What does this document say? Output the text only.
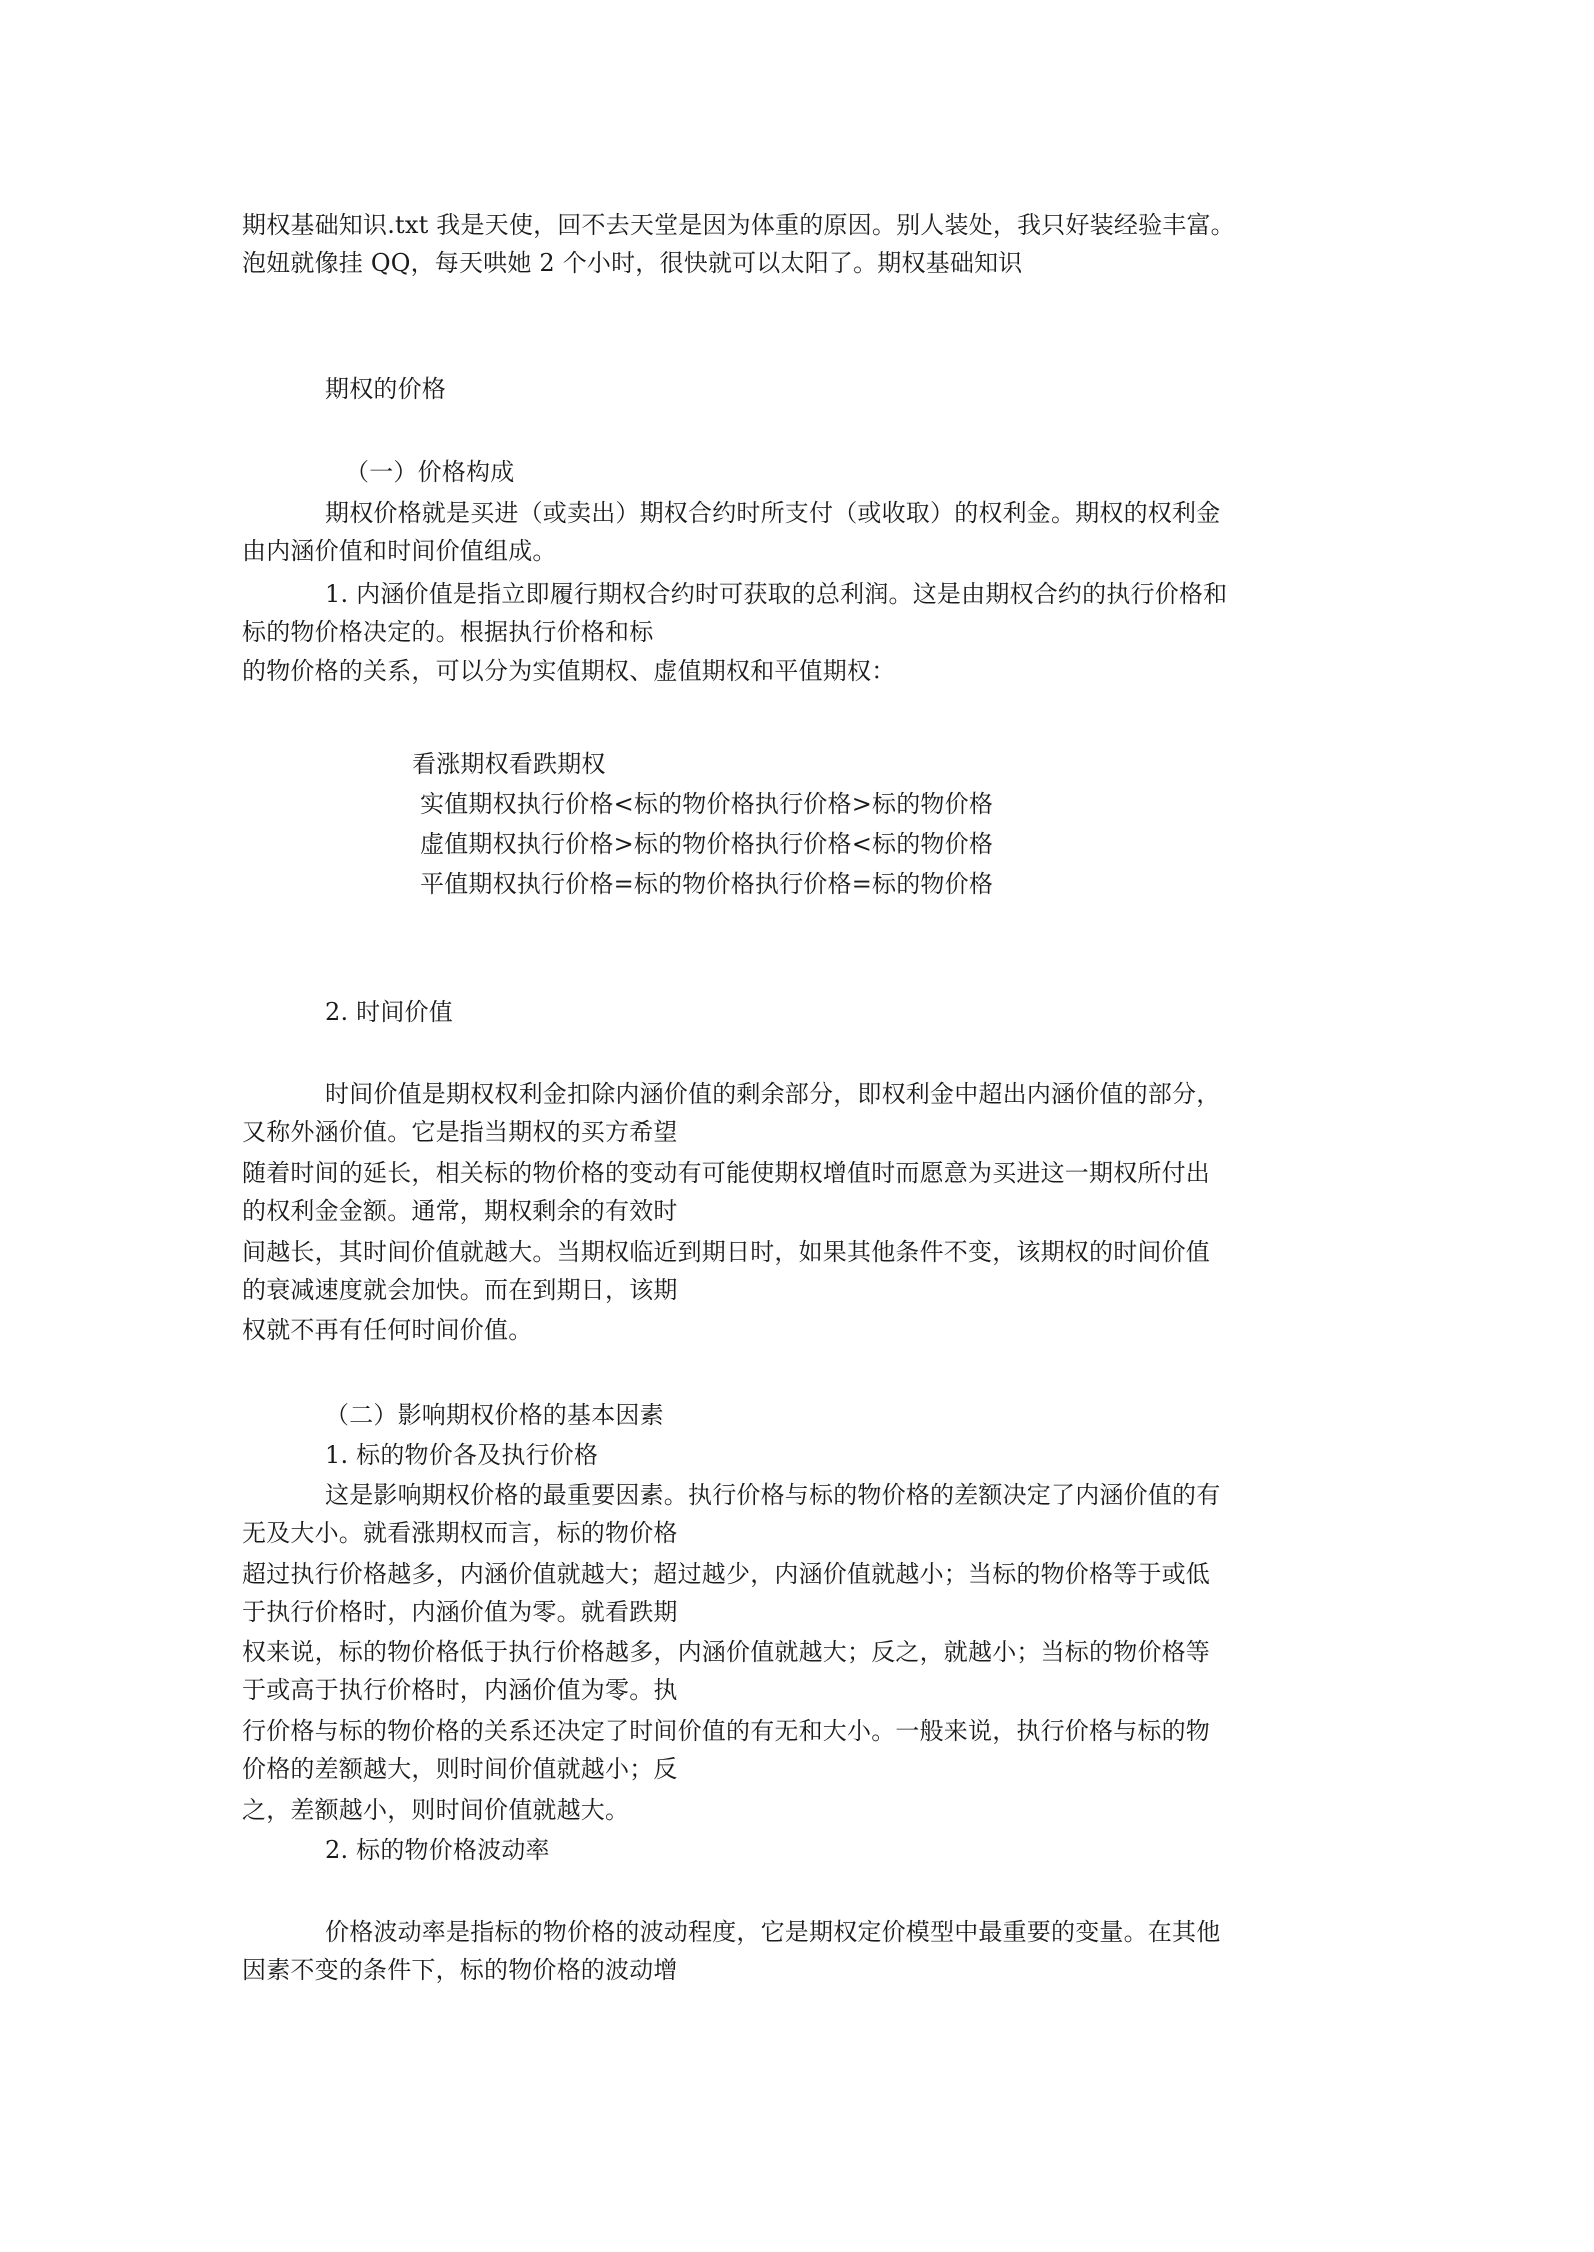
期权基础知识.txt 我是天使，回不去天堂是因为体重的原因。别人装处，我只好装经验丰富。
泡妞就像挂 QQ，每天哄她 2 个小时，很快就可以太阳了。期权基础知识
期权的价格
（一）价格构成
期权价格就是买进（或卖出）期权合约时所支付（或收取）的权利金。期权的权利金
由内涵价值和时间价值组成。
1. 内涵价值是指立即履行期权合约时可获取的总利润。这是由期权合约的执行价格和
标的物价格决定的。根据执行价格和标
的物价格的关系，可以分为实值期权、虚值期权和平值期权：
看涨期权看跌期权
实值期权执行价格<标的物价格执行价格>标的物价格
虚值期权执行价格>标的物价格执行价格<标的物价格
平值期权执行价格=标的物价格执行价格=标的物价格
2. 时间价值
时间价值是期权权利金扣除内涵价值的剩余部分，即权利金中超出内涵价值的部分，
又称外涵价值。它是指当期权的买方希望
随着时间的延长，相关标的物价格的变动有可能使期权增值时而愿意为买进这一期权所付出
的权利金金额。通常，期权剩余的有效时
间越长，其时间价值就越大。当期权临近到期日时，如果其他条件不变，该期权的时间价值
的衰减速度就会加快。而在到期日，该期
权就不再有任何时间价值。
（二）影响期权价格的基本因素
1. 标的物价各及执行价格
这是影响期权价格的最重要因素。执行价格与标的物价格的差额决定了内涵价值的有
无及大小。就看涨期权而言，标的物价格
超过执行价格越多，内涵价值就越大；超过越少，内涵价值就越小；当标的物价格等于或低
于执行价格时，内涵价值为零。就看跌期
权来说，标的物价格低于执行价格越多，内涵价值就越大；反之，就越小；当标的物价格等
于或高于执行价格时，内涵价值为零。执
行价格与标的物价格的关系还决定了时间价值的有无和大小。一般来说，执行价格与标的物
价格的差额越大，则时间价值就越小；反
之，差额越小，则时间价值就越大。
2. 标的物价格波动率
价格波动率是指标的物价格的波动程度，它是期权定价模型中最重要的变量。在其他
因素不变的条件下，标的物价格的波动增
